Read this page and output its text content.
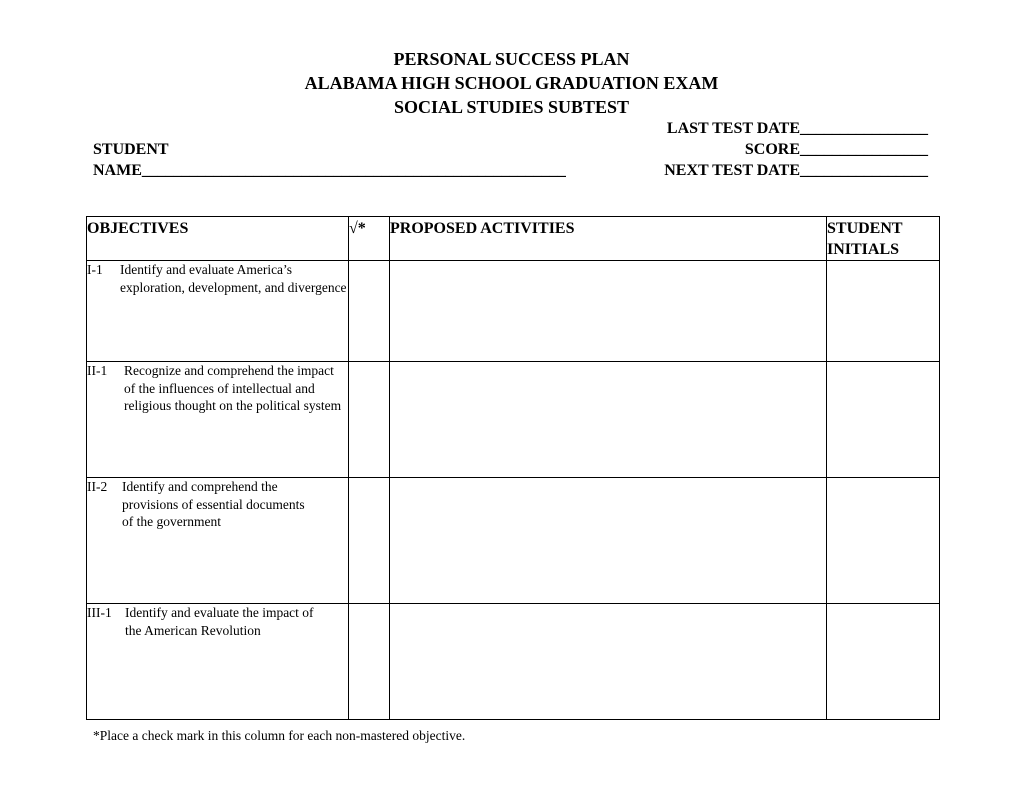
PERSONAL SUCCESS PLAN
ALABAMA HIGH SCHOOL GRADUATION EXAM
SOCIAL STUDIES SUBTEST
LAST TEST DATE________________
STUDENT	SCORE________________
NAME_____________________________________________________	NEXT TEST DATE________________
OBJECTIVES	√*	PROPOSED ACTIVITIES	STUDENT INITIALS

I-1 Identify and evaluate America’s exploration, development, and divergence			

II-1 Recognize and comprehend the impact of the influences of intellectual and religious thought on the political system			

II-2 Identify and comprehend the provisions of essential documents of the government			

III-1 Identify and evaluate the impact of the American Revolution			

*Place a check mark in this column for each non-mastered objective.
